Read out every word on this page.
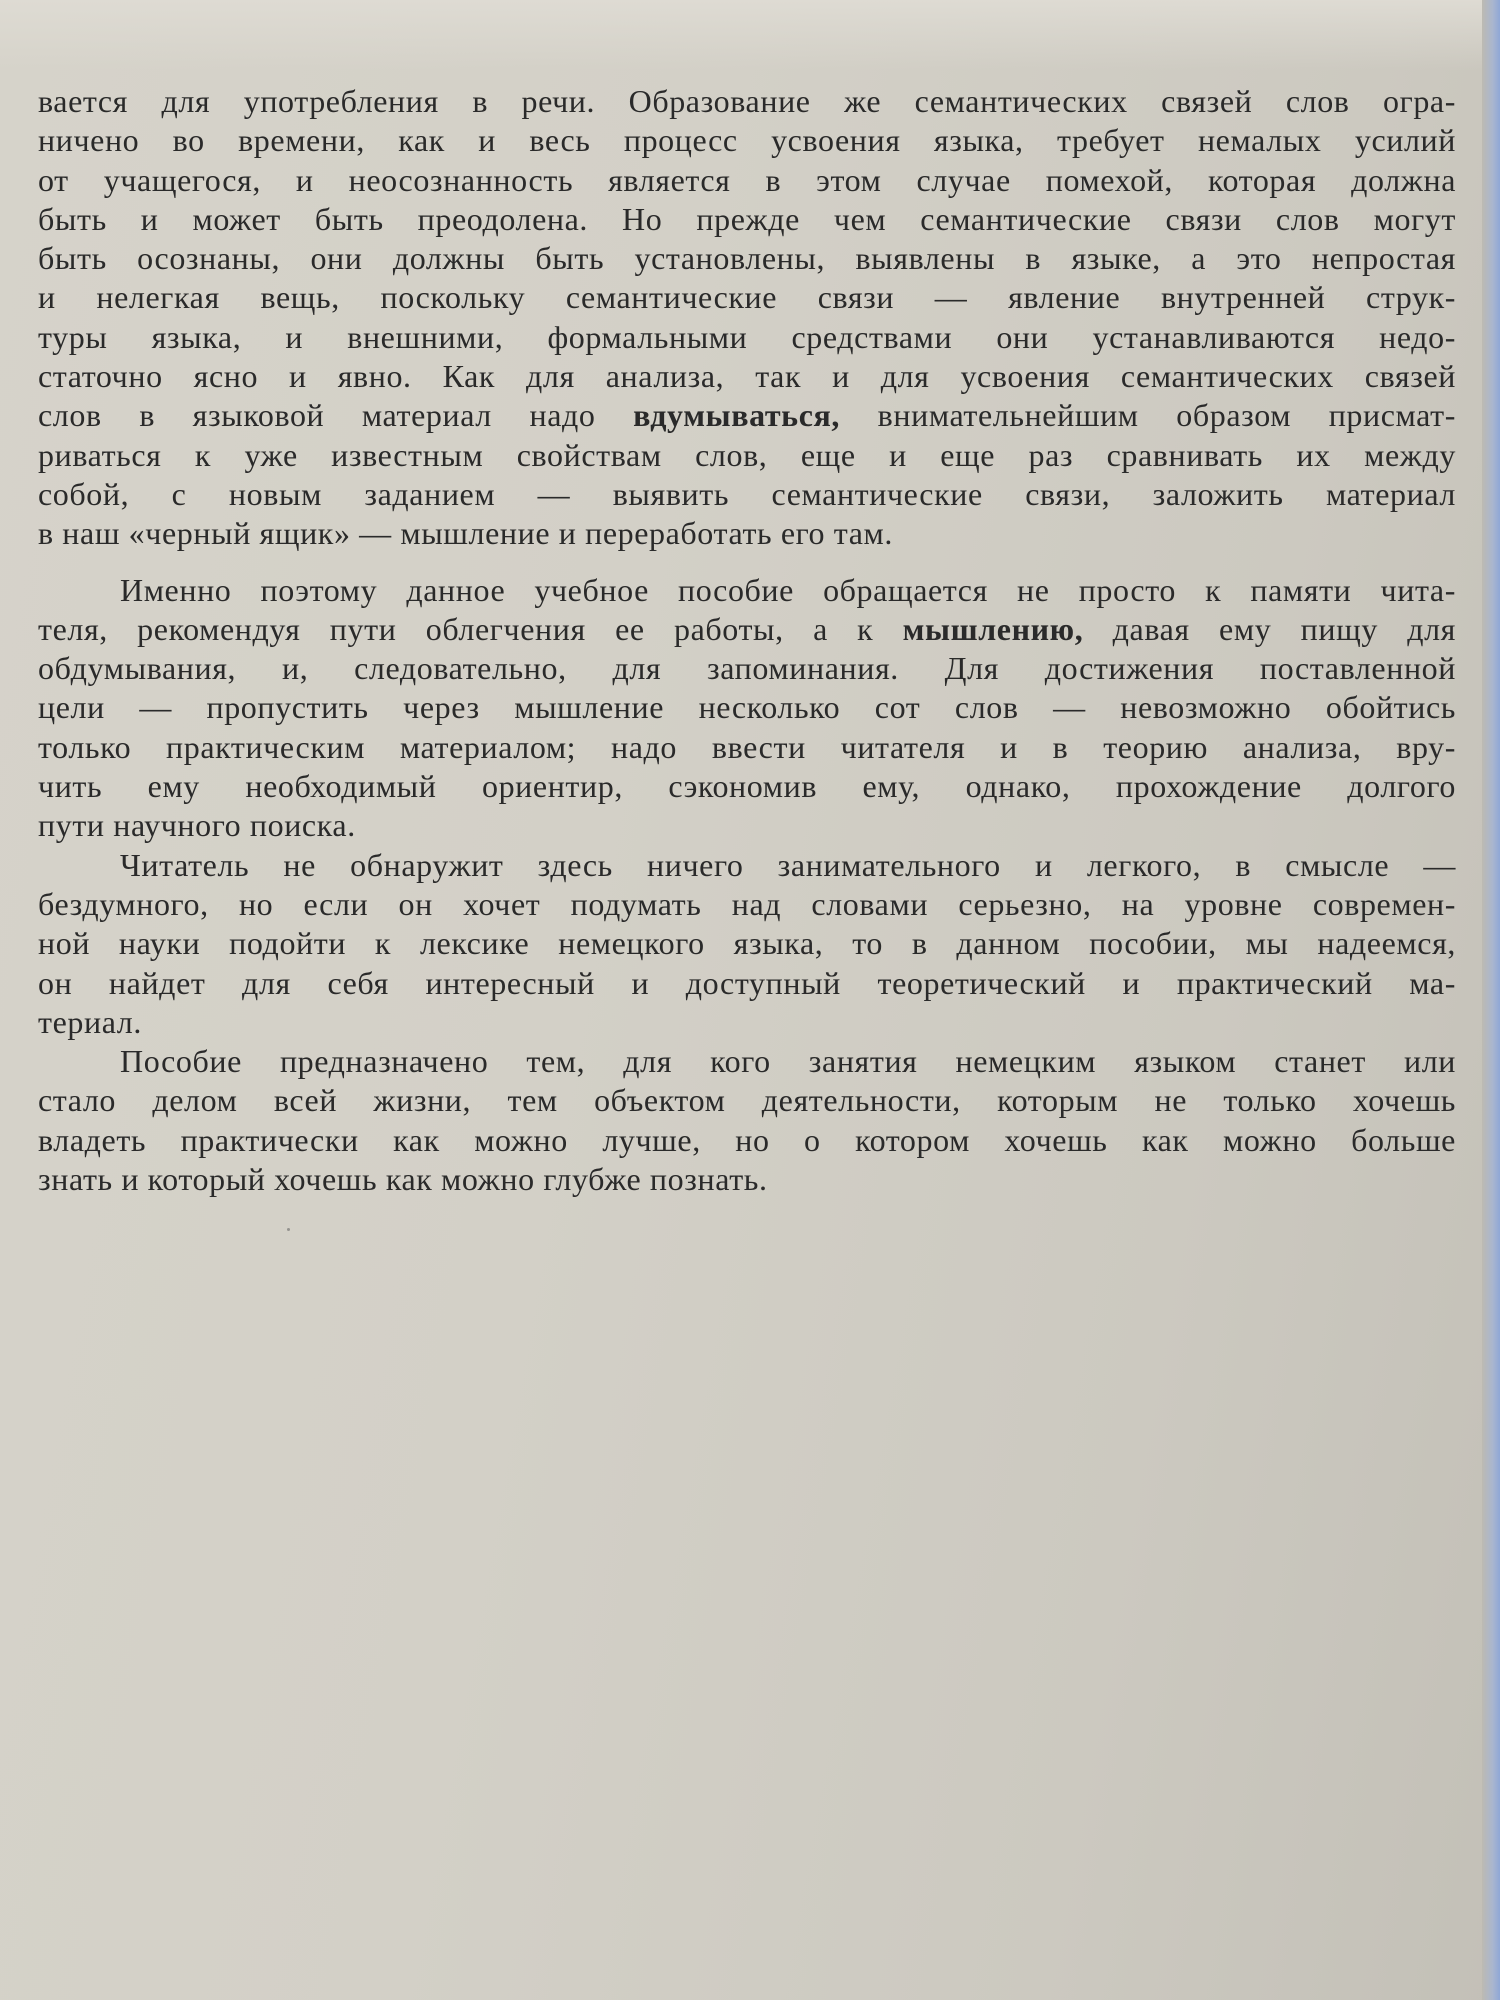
вается для употребления в речи. Образование же семантических связей слов огра-
ничено во времени, как и весь процесс усвоения языка, требует немалых усилий
от учащегося, и неосознанность является в этом случае помехой, которая должна
быть и может быть преодолена. Но прежде чем семантические связи слов могут
быть осознаны, они должны быть установлены, выявлены в языке, а это непростая
и нелегкая вещь, поскольку семантические связи — явление внутренней струк-
туры языка, и внешними, формальными средствами они устанавливаются недо-
статочно ясно и явно. Как для анализа, так и для усвоения семантических связей
слов в языковой материал надо вдумываться, внимательнейшим образом присмат-
риваться к уже известным свойствам слов, еще и еще раз сравнивать их между
собой, с новым заданием — выявить семантические связи, заложить материал
в наш «черный ящик» — мышление и переработать его там.
Именно поэтому данное учебное пособие обращается не просто к памяти чита-
теля, рекомендуя пути облегчения ее работы, а к мышлению, давая ему пищу для
обдумывания, и, следовательно, для запоминания. Для достижения поставленной
цели — пропустить через мышление несколько сот слов — невозможно обойтись
только практическим материалом; надо ввести читателя и в теорию анализа, вру-
чить ему необходимый ориентир, сэкономив ему, однако, прохождение долгого
пути научного поиска.
Читатель не обнаружит здесь ничего занимательного и легкого, в смысле —
бездумного, но если он хочет подумать над словами серьезно, на уровне современ-
ной науки подойти к лексике немецкого языка, то в данном пособии, мы надеемся,
он найдет для себя интересный и доступный теоретический и практический ма-
териал.
Пособие предназначено тем, для кого занятия немецким языком станет или
стало делом всей жизни, тем объектом деятельности, которым не только хочешь
владеть практически как можно лучше, но о котором хочешь как можно больше
знать и который хочешь как можно глубже познать.
